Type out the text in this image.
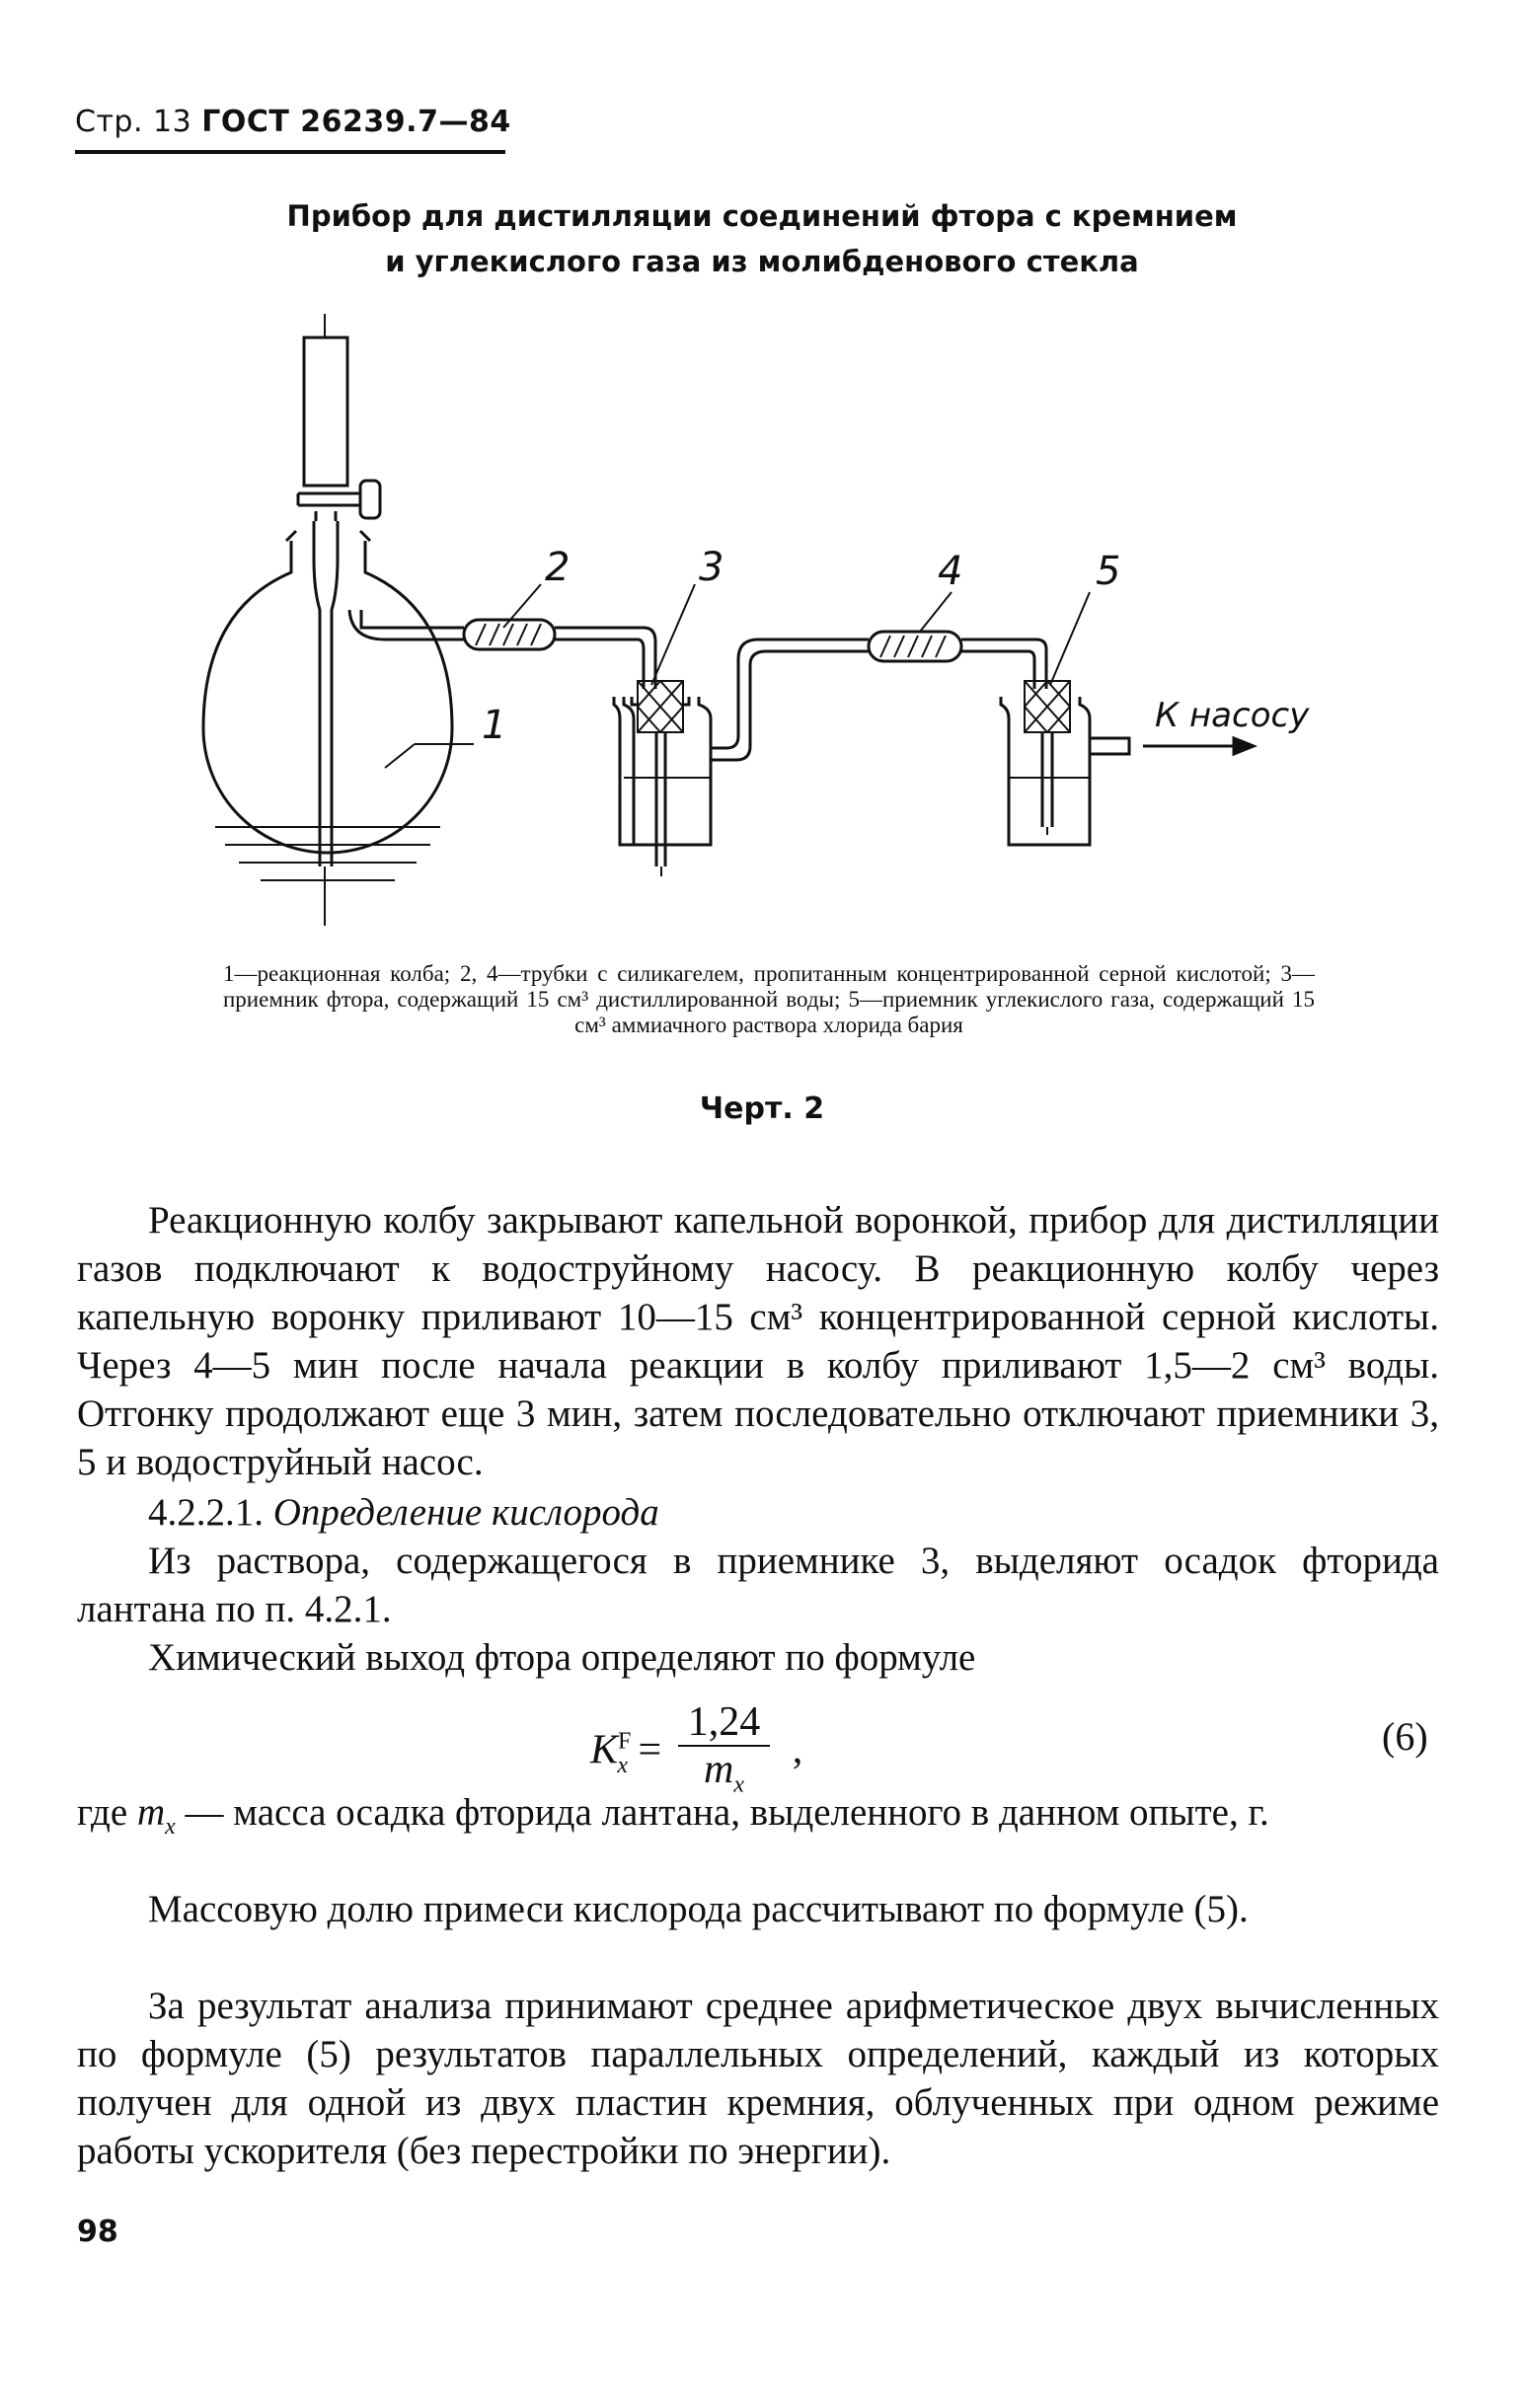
Стр. 13 ГОСТ 26239.7—84
Прибор для дистилляции соединений фтора с кремнием
и углекислого газа из молибденового стекла
1
2	3	4	5
К насосу
1—реакционная колба; 2, 4—трубки с силикагелем, пропитанным концентрированной серной кислотой; 3—приемник фтора, содержащий 15 см³ дистиллированной воды; 5—приемник углекислого газа, содержащий 15 см³ аммиачного раствора хлорида бария
Черт. 2
Реакционную колбу закрывают капельной воронкой, прибор для дистилляции газов подключают к водоструйному насосу. В реакционную колбу через капельную воронку приливают 10—15 см³ концентрированной серной кислоты. Через 4—5 мин после начала реакции в колбу приливают 1,5—2 см³ воды. Отгонку продолжают еще 3 мин, затем последовательно отключают приемники 3, 5 и водоструйный насос.
4.2.2.1. Определение кислорода
Из раствора, содержащегося в приемнике 3, выделяют осадок фторида лантана по п. 4.2.1.
Химический выход фтора определяют по формуле
$K^F_x = \frac{1,24}{m_x}$ ,	(6)
где $m_x$ — масса осадка фторида лантана, выделенного в данном опыте, г.
Массовую долю примеси кислорода рассчитывают по формуле (5).
За результат анализа принимают среднее арифметическое двух вычисленных по формуле (5) результатов параллельных определений, каждый из которых получен для одной из двух пластин кремния, облученных при одном режиме работы ускорителя (без перестройки по энергии).
98
